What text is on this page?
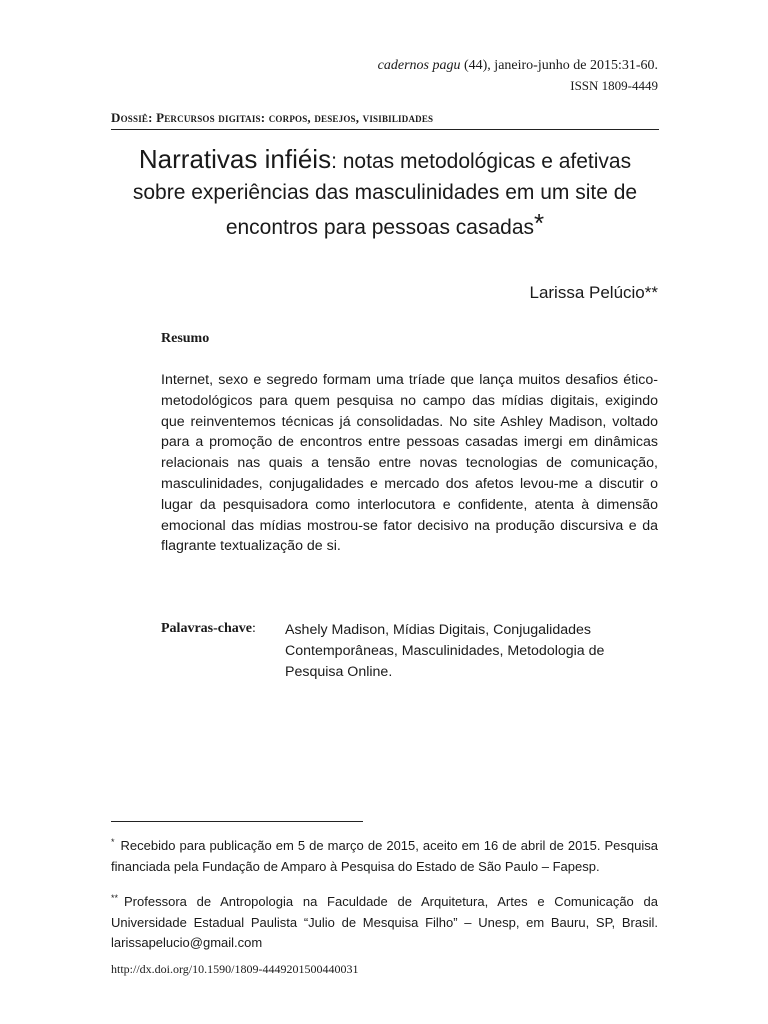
cadernos pagu (44), janeiro-junho de 2015:31-60.
ISSN 1809-4449
Dossiê: Percursos digitais: corpos, desejos, visibilidades
Narrativas infiéis: notas metodológicas e afetivas sobre experiências das masculinidades em um site de encontros para pessoas casadas*
Larissa Pelúcio**
Resumo
Internet, sexo e segredo formam uma tríade que lança muitos desafios ético-metodológicos para quem pesquisa no campo das mídias digitais, exigindo que reinventemos técnicas já consolidadas. No site Ashley Madison, voltado para a promoção de encontros entre pessoas casadas imergi em dinâmicas relacionais nas quais a tensão entre novas tecnologias de comunicação, masculinidades, conjugalidades e mercado dos afetos levou-me a discutir o lugar da pesquisadora como interlocutora e confidente, atenta à dimensão emocional das mídias mostrou-se fator decisivo na produção discursiva e da flagrante textualização de si.
Palavras-chave: Ashely Madison, Mídias Digitais, Conjugalidades Contemporâneas, Masculinidades, Metodologia de Pesquisa Online.
* Recebido para publicação em 5 de março de 2015, aceito em 16 de abril de 2015. Pesquisa financiada pela Fundação de Amparo à Pesquisa do Estado de São Paulo – Fapesp.
** Professora de Antropologia na Faculdade de Arquitetura, Artes e Comunicação da Universidade Estadual Paulista “Julio de Mesquisa Filho” – Unesp, em Bauru, SP, Brasil. larissapelucio@gmail.com
http://dx.doi.org/10.1590/1809-4449201500440031
